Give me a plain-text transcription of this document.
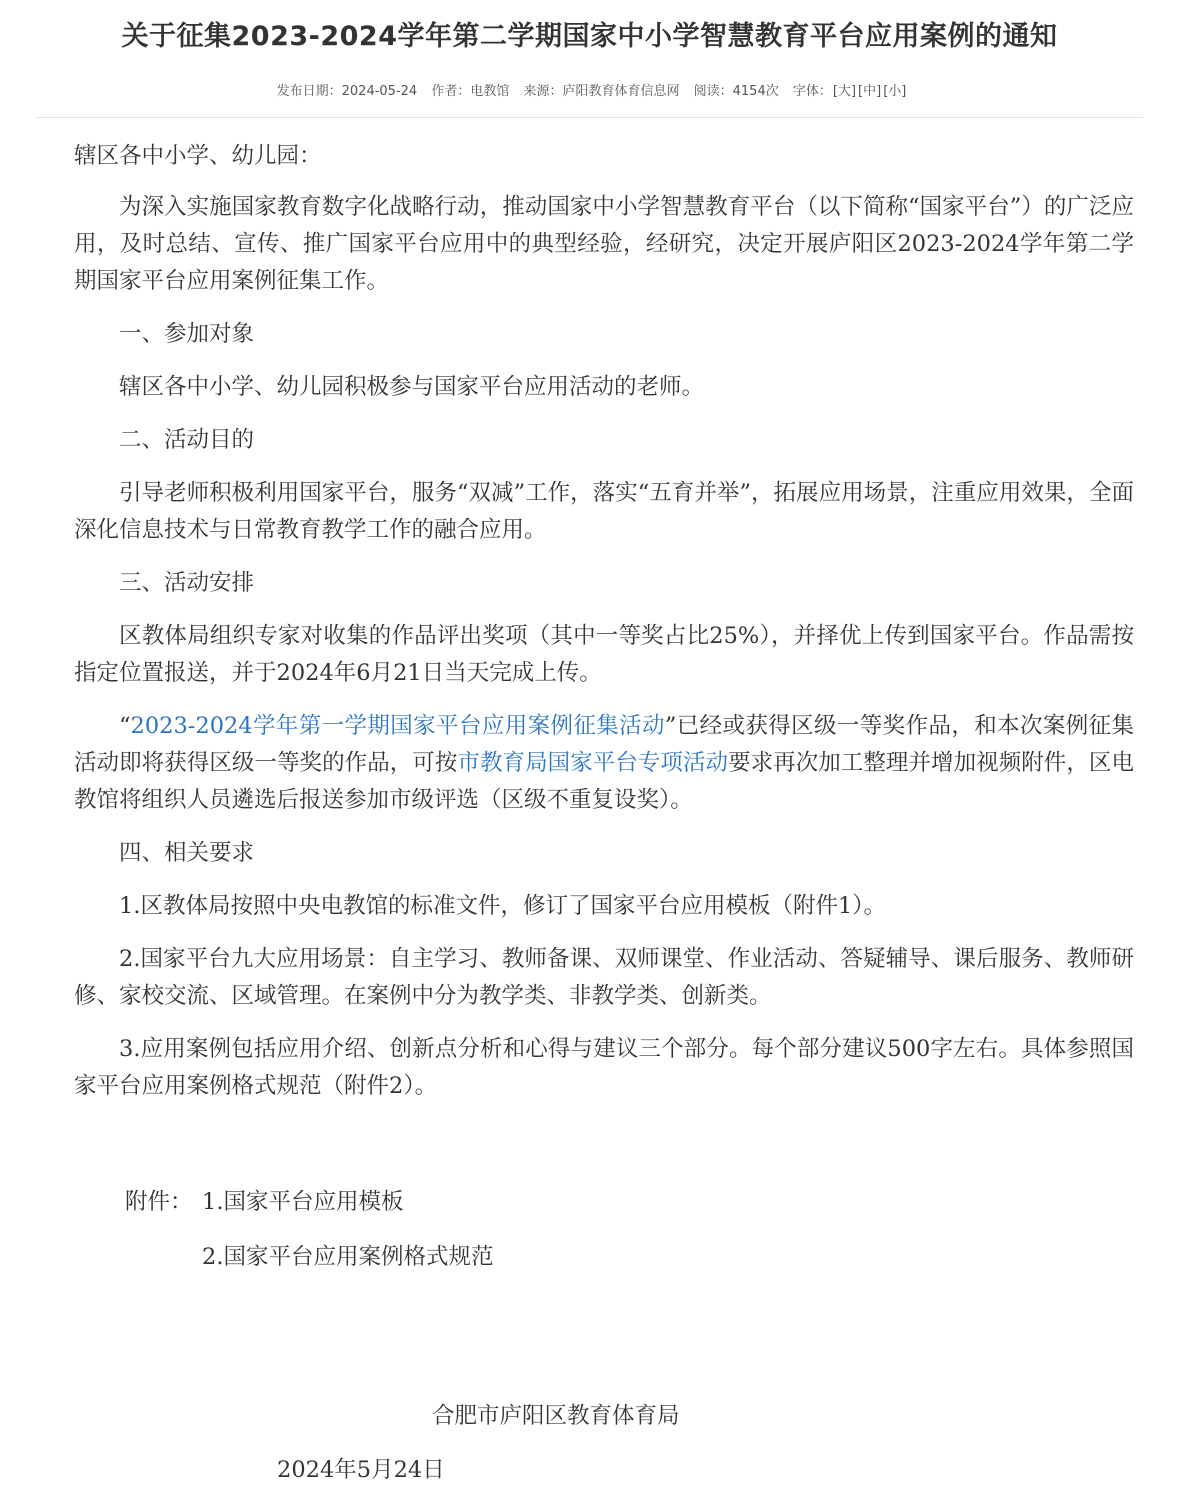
关于征集2023-2024学年第二学期国家中小学智慧教育平台应用案例的通知
发布日期：2024-05-24 作者：电教馆 来源：庐阳教育体育信息网 阅读：4154次 字体：[大] [中] [小]

辖区各中小学、幼儿园：

为深入实施国家教育数字化战略行动，推动国家中小学智慧教育平台（以下简称“国家平台”）的广泛应用，及时总结、宣传、推广国家平台应用中的典型经验，经研究，决定开展庐阳区2023-2024学年第二学期国家平台应用案例征集工作。

一、参加对象

辖区各中小学、幼儿园积极参与国家平台应用活动的老师。

二、活动目的

引导老师积极利用国家平台，服务“双减”工作，落实“五育并举”，拓展应用场景，注重应用效果，全面深化信息技术与日常教育教学工作的融合应用。

三、活动安排

区教体局组织专家对收集的作品评出奖项（其中一等奖占比25%），并择优上传到国家平台。作品需按指定位置报送，并于2024年6月21日当天完成上传。

“2023-2024学年第一学期国家平台应用案例征集活动”已经或获得区级一等奖作品，和本次案例征集活动即将获得区级一等奖的作品，可按市教育局国家平台专项活动要求再次加工整理并增加视频附件，区电教馆将组织人员遴选后报送参加市级评选（区级不重复设奖）。

四、相关要求

1.区教体局按照中央电教馆的标准文件，修订了国家平台应用模板（附件1）。

2.国家平台九大应用场景：自主学习、教师备课、双师课堂、作业活动、答疑辅导、课后服务、教师研修、家校交流、区域管理。在案例中分为教学类、非教学类、创新类。

3.应用案例包括应用介绍、创新点分析和心得与建议三个部分。每个部分建议500字左右。具体参照国家平台应用案例格式规范（附件2）。

附件： 1.国家平台应用模板
2.国家平台应用案例格式规范
合肥市庐阳区教育体育局
2024年5月24日
